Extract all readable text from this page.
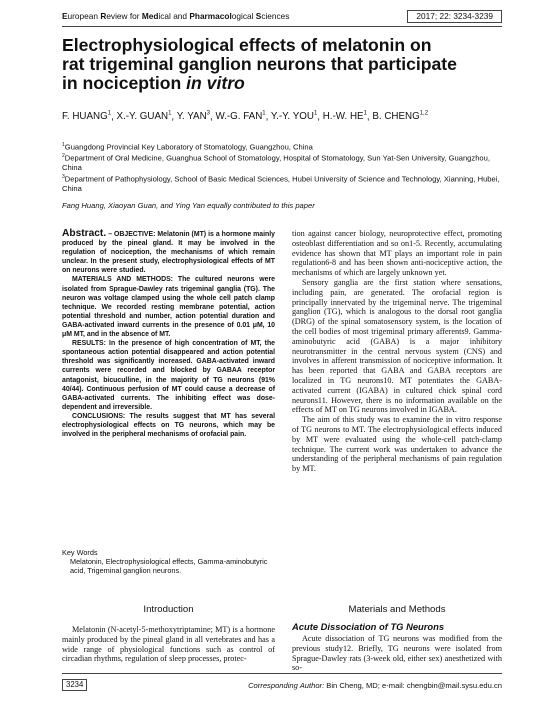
European Review for Medical and Pharmacological Sciences	2017; 22: 3234-3239
Electrophysiological effects of melatonin on
rat trigeminal ganglion neurons that participate
in nociception in vitro
F. HUANG$^1$, X.-Y. GUAN$^1$, Y. YAN$^3$, W.-G. FAN$^1$, Y.-Y. YOU$^1$, H.-W. $HE^1$, B. CHENG$^{1,2}$
$^1$Guangdong Provincial Key Laboratory of Stomatology, Guangzhou, China
$^2$Department of Oral Medicine, Guanghua School of Stomatology, Hospital of Stomatology, Sun Yat-Sen University, Guangzhou, China
$^3$Department of Pathophysiology, School of Basic Medical Sciences, Hubei University of Science and Technology, Xianning, Hubei, China
Fang Huang, Xiaoyan Guan, and Ying Yan equally contributed to this paper

Abstract. – OBJECTIVE: Melatonin (MT) is a hormone mainly produced by the pineal gland. It may be involved in the regulation of nociception, the mechanisms of which remain unclear. In the present study, electrophysiological effects of MT on neurons were studied.

MATERIALS AND METHODS: The cultured neurons were isolated from Sprague-Dawley rats trigeminal ganglia (TG). The neuron was voltage clamped using the whole cell patch clamp technique. We recorded resting membrane potential, action potential threshold and number, action potential duration and GABA-activated inward currents in the presence of 0.01 μM, 10 μM MT, and in the absence of MT.

RESULTS: In the presence of high concentration of MT, the spontaneous action potential disappeared and action potential threshold was significantly increased. GABA-activated inward currents were recorded and blocked by GABAA receptor antagonist, bicuculline, in the majority of TG neurons (91% 40/44). Continuous perfusion of MT could cause a decrease of GABA-activated currents. The inhibiting effect was dose-dependent and irreversible.

CONCLUSIONS: The results suggest that MT has several electrophysiological effects on TG neurons, which may be involved in the peripheral mechanisms of orofacial pain.

Key Words
Melatonin, Electrophysiological effects, Gamma-aminobutyric acid, Trigeminal ganglion neurons.

tion against cancer biology, neuroprotective effect, promoting osteoblast differentiation and so on1-5. Recently, accumulating evidence has shown that MT plays an important role in pain regulation6-8 and has been shown anti-nociceptive action, the mechanisms of which are largely unknown yet.

Sensory ganglia are the first station where sensations, including pain, are generated. The orofacial region is principally innervated by the trigeminal nerve. The trigeminal ganglion (TG), which is analogous to the dorsal root ganglia (DRG) of the spinal somatosensory system, is the location of the cell bodies of most trigeminal primary afferents9. Gamma-aminobutyric acid (GABA) is a major inhibitory neurotransmitter in the central nervous system (CNS) and involves in afferent transmission of nociceptive information. It has been reported that GABA and GABA receptors are localized in TG neurons10. MT potentiates the GABA-activated current (IGABA) in cultured chick spinal cord neurons11. However, there is no information available on the effects of MT on TG neurons involved in IGABA.

The aim of this study was to examine the in vitro response of TG neurons to MT. The electrophysiological effects induced by MT were evaluated using the whole-cell patch-clamp technique. The current work was undertaken to advance the understanding of the peripheral mechanisms of pain regulation by MT.

Introduction	Materials and Methods

Melatonin (N-acetyl-5-methoxytriptamine; MT) is a hormone mainly produced by the pineal gland in all vertebrates and has a wide range of physiological functions such as control of circadian rhythms, regulation of sleep processes, protec-

Acute Dissociation of TG Neurons

Acute dissociation of TG neurons was modified from the previous study12. Briefly, TG neurons were isolated from Sprague-Dawley rats (3-week old, either sex) anesthetized with so-

3234	Corresponding Author: Bin Cheng, MD; e-mail: chengbin@mail.sysu.edu.cn
